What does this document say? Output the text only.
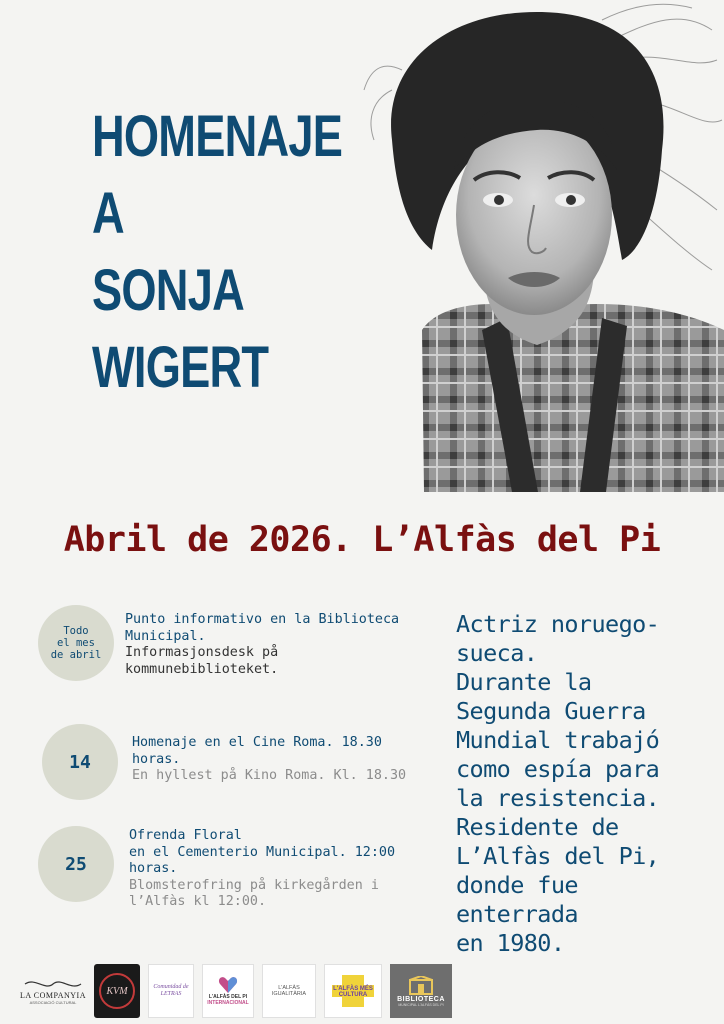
HOMENAJE
A
SONJA
WIGERT
Abril de 2026. L’Alfàs del Pi
Todo
el mes
de abril
Punto informativo en la Biblioteca
Municipal.
Informasjonsdesk på
kommunebiblioteket.
14
Homenaje en el Cine Roma. 18.30
horas.
En hyllest på Kino Roma. Kl. 18.30
25
Ofrenda Floral
en el Cementerio Municipal. 12:00
horas.
Blomsterofring på kirkegården i
l’Alfàs kl 12:00.
Actriz noruego-
sueca.
Durante la
Segunda Guerra
Mundial trabajó
como espía para
la resistencia.
Residente de
L’Alfàs del Pi,
donde fue
enterrada
en 1980.
LA COMPANYIA
ASSOCIACIÓ CULTURAL
KVM	Comunidad de LETRAS	L'ALFÀS DEL PI
INTERNACIONAL
L'ALFÀS IGUALITÀRIA
L'ALFÀS MÉS CULTURA
BIBLIOTECA
MUNICIPAL L'ALFÀS DEL PI
